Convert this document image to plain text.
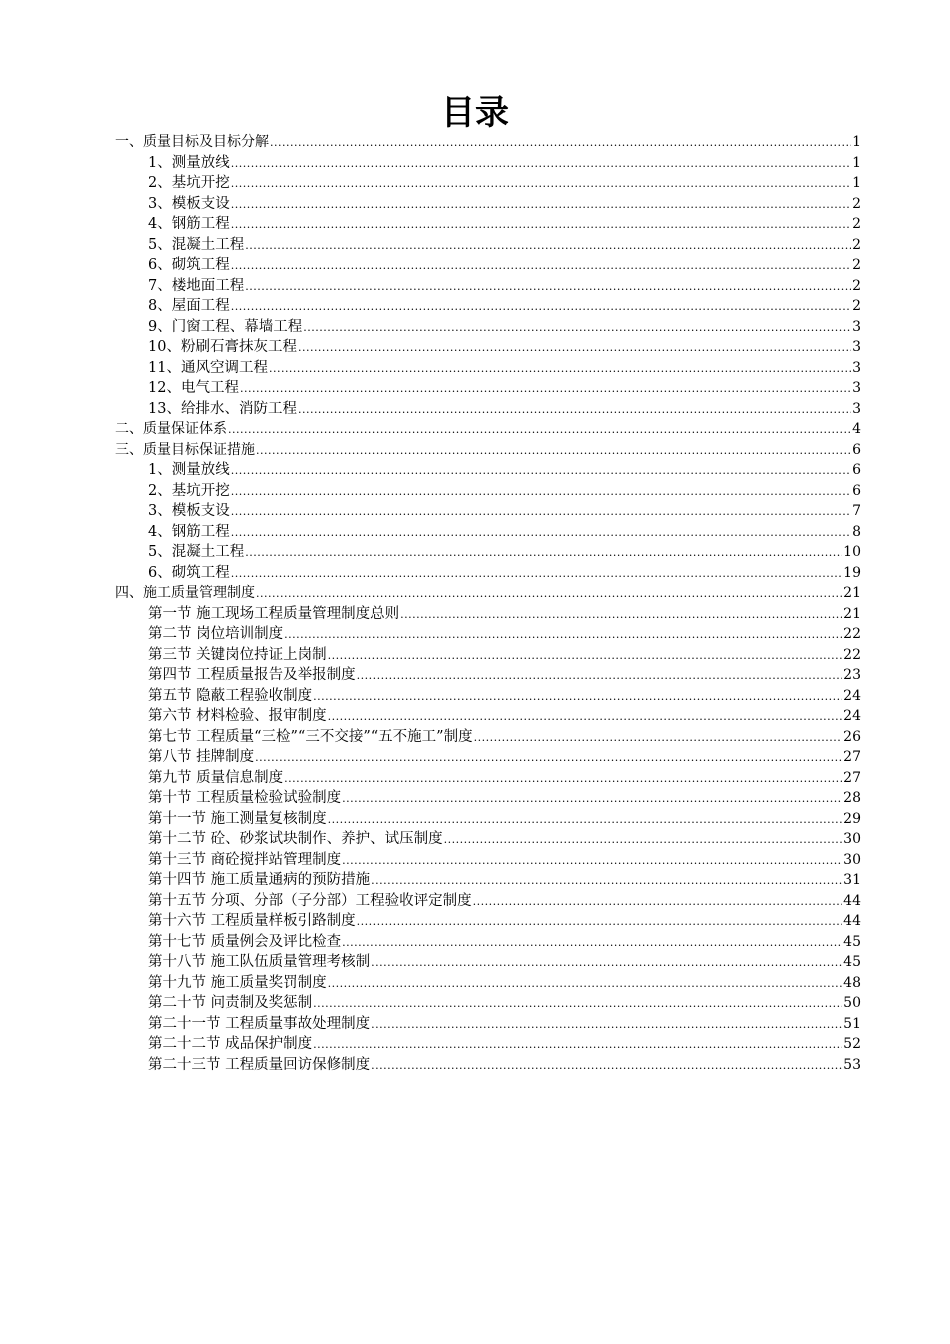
目录
一、质量目标及目标分解 .....	1
1、测量放线 .....	1
2、基坑开挖 .....	1
3、模板支设 .....	2
4、钢筋工程 .....	2
5、混凝土工程 .....	2
6、砌筑工程 .....	2
7、楼地面工程 .....	2
8、屋面工程 .....	2
9、门窗工程、幕墙工程 .....	3
10、粉刷石膏抹灰工程 .....	3
11、通风空调工程 .....	3
12、电气工程 .....	3
13、给排水、消防工程 .....	3
二、质量保证体系 .....	4
三、质量目标保证措施 .....	6
1、测量放线 .....	6
2、基坑开挖 .....	6
3、模板支设 .....	7
4、钢筋工程 .....	8
5、混凝土工程 .....	10
6、砌筑工程 .....	19
四、施工质量管理制度 .....	21
第一节 施工现场工程质量管理制度总则 .....	21
第二节 岗位培训制度 .....	22
第三节 关键岗位持证上岗制 .....	22
第四节 工程质量报告及举报制度 .....	23
第五节 隐蔽工程验收制度 .....	24
第六节 材料检验、报审制度 .....	24
第七节 工程质量“三检”“三不交接”“五不施工”制度 .....	26
第八节 挂牌制度 .....	27
第九节 质量信息制度 .....	27
第十节 工程质量检验试验制度 .....	28
第十一节 施工测量复核制度 .....	29
第十二节 砼、砂浆试块制作、养护、试压制度 .....	30
第十三节 商砼搅拌站管理制度 .....	30
第十四节 施工质量通病的预防措施 .....	31
第十五节 分项、分部（子分部）工程验收评定制度 .....	44
第十六节 工程质量样板引路制度 .....	44
第十七节 质量例会及评比检查 .....	45
第十八节 施工队伍质量管理考核制 .....	45
第十九节 施工质量奖罚制度 .....	48
第二十节 问责制及奖惩制 .....	50
第二十一节 工程质量事故处理制度 .....	51
第二十二节 成品保护制度 .....	52
第二十三节 工程质量回访保修制度 .....	53
